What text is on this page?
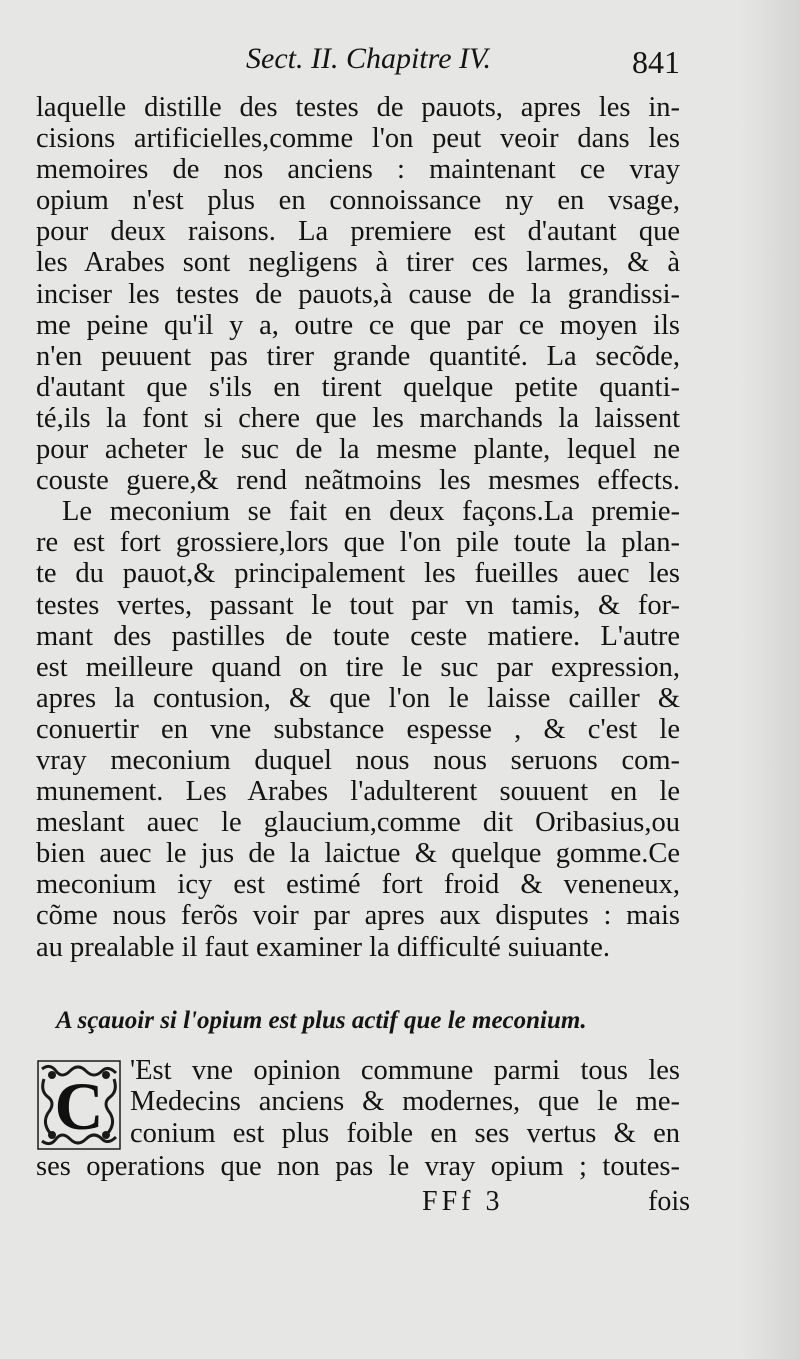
Sect. II. Chapitre IV.	841

laquelle distille des testes de pauots, apres les in-

cisions artificielles,comme l'on peut veoir dans les

memoires de nos anciens : maintenant ce vray

opium n'est plus en connoissance ny en vsage,

pour deux raisons. La premiere est d'autant que

les Arabes sont negligens à tirer ces larmes, & à

inciser les testes de pauots,à cause de la grandissi-

me peine qu'il y a, outre ce que par ce moyen ils

n'en peuuent pas tirer grande quantité. La secõde,

d'autant que s'ils en tirent quelque petite quanti-

té,ils la font si chere que les marchands la laissent

pour acheter le suc de la mesme plante, lequel ne

couste guere,& rend neãtmoins les mesmes effects.

Le meconium se fait en deux façons.La premie-

re est fort grossiere,lors que l'on pile toute la plan-

te du pauot,& principalement les fueilles auec les

testes vertes, passant le tout par vn tamis, & for-

mant des pastilles de toute ceste matiere. L'autre

est meilleure quand on tire le suc par expression,

apres la contusion, & que l'on le laisse cailler &

conuertir en vne substance espesse , & c'est le

vray meconium duquel nous nous seruons com-

munement. Les Arabes l'adulterent souuent en le

meslant auec le glaucium,comme dit Oribasius,ou

bien auec le jus de la laictue & quelque gomme.Ce

meconium icy est estimé fort froid & veneneux,

cõme nous ferõs voir par apres aux disputes : mais

au prealable il faut examiner la difficulté suiuante.

A sçauoir si l'opium est plus actif que le meconium.
C 'Est vne opinion commune parmi tous les

Medecins anciens & modernes, que le me-

conium est plus foible en ses vertus & en

ses operations que non pas le vray opium ; toutes-

FFf 3	fois
